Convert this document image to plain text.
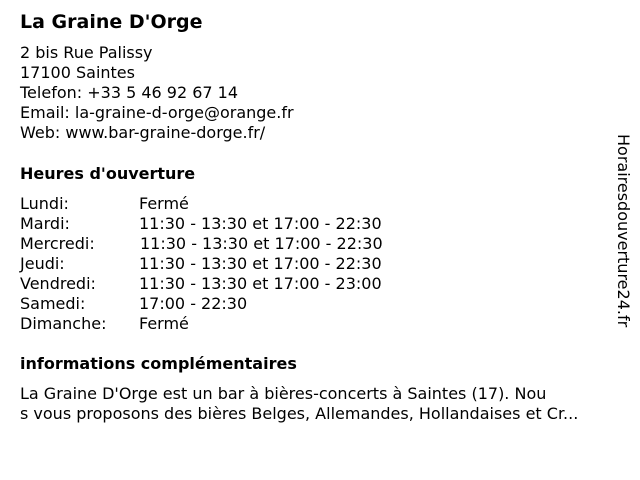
La Graine D'Orge
2 bis Rue Palissy
17100 Saintes
Telefon: +33 5 46 92 67 14
Email: la-graine-d-orge@orange.fr
Web: www.bar-graine-dorge.fr/
Heures d'ouverture
Lundi:	Fermé
Mardi:	11:30 - 13:30 et 17:00 - 22:30
Mercredi:	11:30 - 13:30 et 17:00 - 22:30
Jeudi:	11:30 - 13:30 et 17:00 - 22:30
Vendredi:	11:30 - 13:30 et 17:00 - 23:00
Samedi:	17:00 - 22:30
Dimanche: Fermé
informations complémentaires
La Graine D'Orge est un bar à bières-concerts à Saintes (17). Nou
s vous proposons des bières Belges, Allemandes, Hollandaises et Cr...
Horairesdouverture24.fr
